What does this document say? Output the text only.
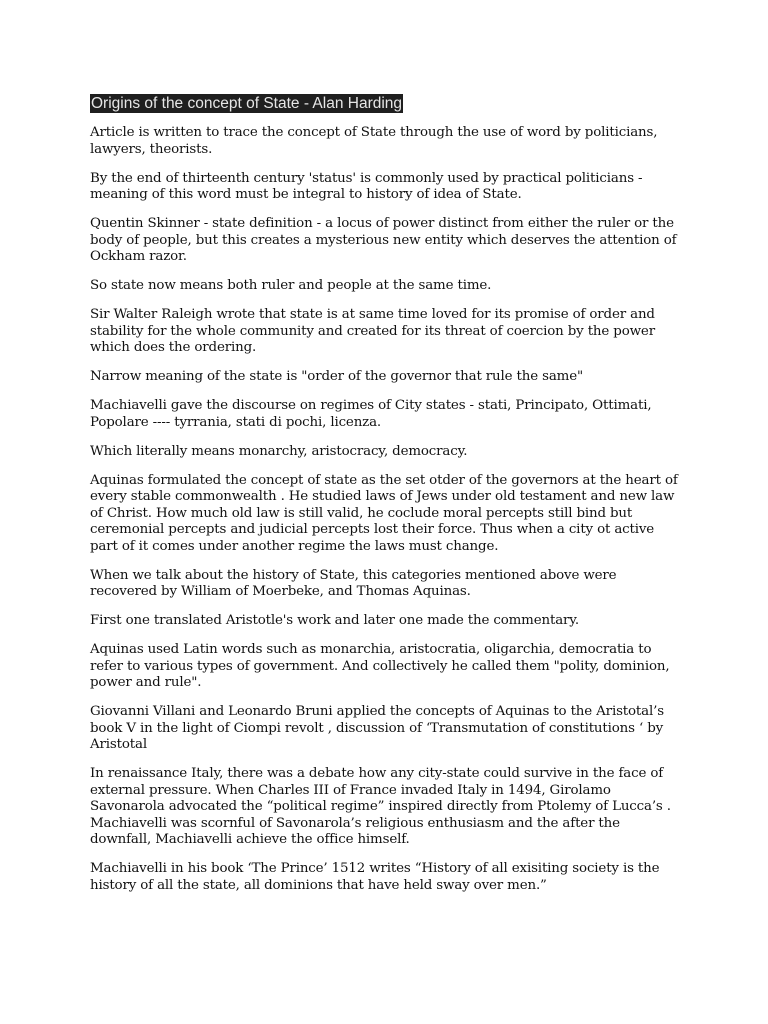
Origins of the concept of State - Alan Harding

Article is written to trace the concept of State through the use of word by politicians, lawyers, theorists.

By the end of thirteenth century 'status' is commonly used by practical politicians - meaning of this word must be integral to history of idea of State.

Quentin Skinner - state definition - a locus of power distinct from either the ruler or the body of people, but this creates a mysterious new entity which deserves the attention of Ockham razor.

So state now means both ruler and people at the same time.

Sir Walter Raleigh wrote that state is at same time loved for its promise of order and stability for the whole community and created for its threat of coercion by the power which does the ordering.

Narrow meaning of the state is "order of the governor that rule the same"

Machiavelli gave the discourse on regimes of City states - stati, Principato, Ottimati, Popolare ---- tyrrania, stati di pochi, licenza.

Which literally means monarchy, aristocracy, democracy.

Aquinas formulated the concept of state as the set otder of the governors at the heart of every stable commonwealth . He studied laws of Jews under old testament and new law of Christ. How much old law is still valid, he coclude moral percepts still bind but ceremonial percepts and judicial percepts lost their force. Thus when a city ot active part of it comes under another regime the laws must change.

When we talk about the history of State, this categories mentioned above were recovered by William of Moerbeke, and Thomas Aquinas.

First one translated Aristotle's work and later one made the commentary.

Aquinas used Latin words such as monarchia, aristocratia, oligarchia, democratia to refer to various types of government. And collectively he called them "polity, dominion, power and rule".

Giovanni Villani and Leonardo Bruni applied the concepts of Aquinas to the Aristotal’s book V in the light of Ciompi revolt , discussion of ‘Transmutation of constitutions ‘ by Aristotal

In renaissance Italy, there was a debate how any city-state could survive in the face of external pressure. When Charles III of France invaded Italy in 1494, Girolamo Savonarola advocated the “political regime” inspired directly from Ptolemy of Lucca’s . Machiavelli was scornful of Savonarola’s religious enthusiasm and the after the downfall, Machiavelli achieve the office himself.

Machiavelli in his book ‘The Prince’ 1512 writes “History of all exisiting society is the history of all the state, all dominions that have held sway over men.”
